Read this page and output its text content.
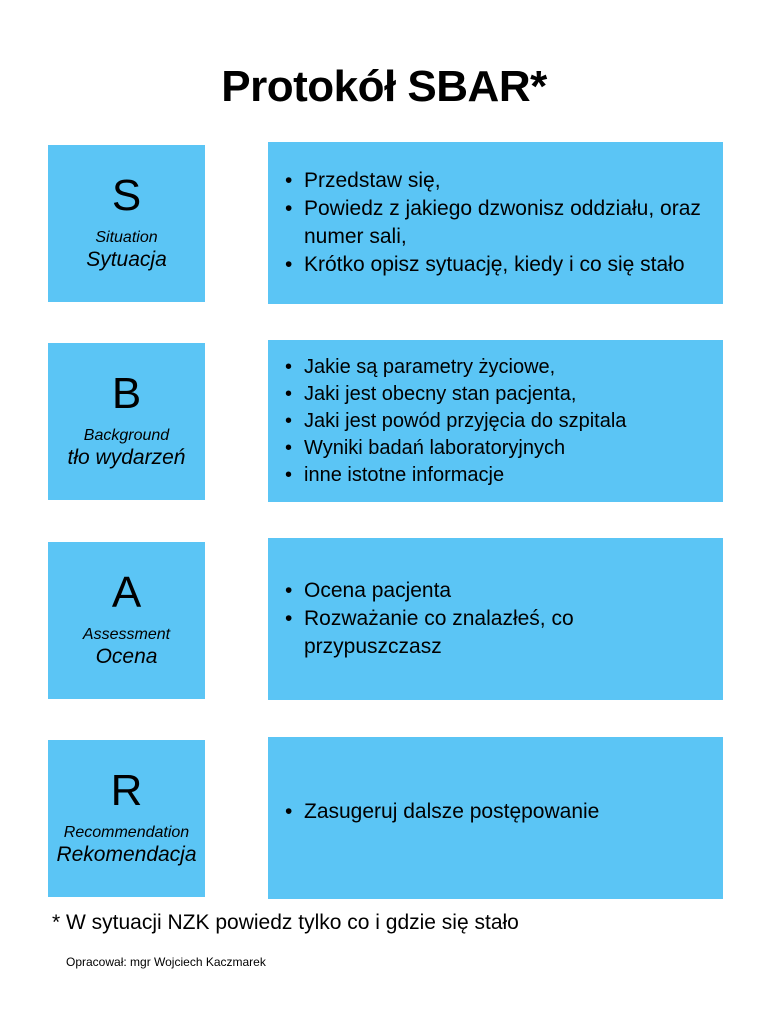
Protokół SBAR*
S
Situation
Sytuacja
• Przedstaw się,
• Powiedz z jakiego dzwonisz oddziału, oraz numer sali,
• Krótko opisz sytuację, kiedy i co się stało
B
Background
tło wydarzeń
• Jakie są parametry życiowe,
• Jaki jest obecny stan pacjenta,
• Jaki jest powód przyjęcia do szpitala
• Wyniki badań laboratoryjnych
• inne istotne informacje
A
Assessment
Ocena
• Ocena pacjenta
• Rozważanie co znalazłeś, co przypuszczasz
R
Recommendation
Rekomendacja
• Zasugeruj dalsze postępowanie
* W sytuacji NZK powiedz tylko co i gdzie się stało
Opracował: mgr Wojciech Kaczmarek
